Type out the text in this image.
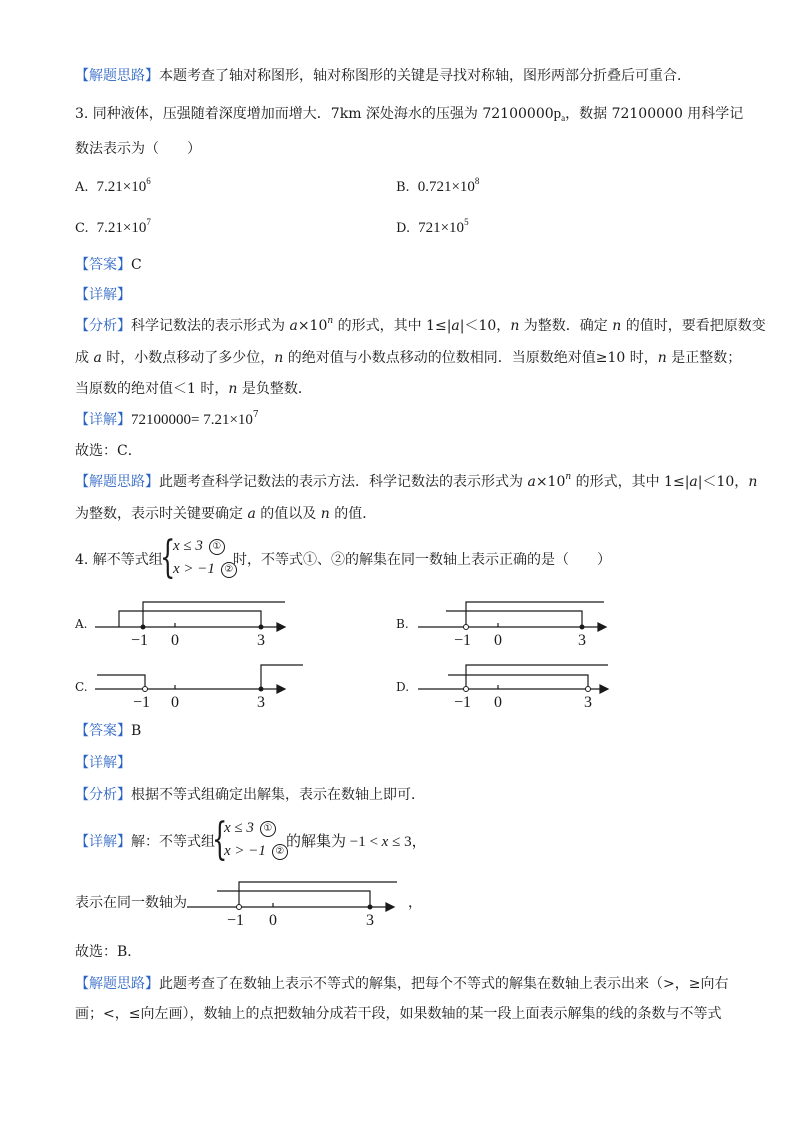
【解题思路】本题考查了轴对称图形，轴对称图形的关键是寻找对称轴，图形两部分折叠后可重合．
3. 同种液体，压强随着深度增加而增大．7km 深处海水的压强为 $72100000p_a$，数据 72100000 用科学记
数法表示为（　　）
A. $7.21\times 10^6$	B. $0.721\times 10^8$
C. $7.21\times 10^7$	D. $721\times 10^5$
【答案】C
【详解】
【分析】科学记数法的表示形式为 $a\times 10^n$ 的形式，其中 1≤|a|＜10，n 为整数．确定 n 的值时，要看把原数变
成 a 时，小数点移动了多少位，n 的绝对值与小数点移动的位数相同．当原数绝对值≥10 时，n 是正整数；
当原数的绝对值＜1 时，n 是负整数．
【详解】$72100000= 7.21\times 10^7$
故选：C．
【解题思路】此题考查科学记数法的表示方法．科学记数法的表示形式为 $a\times 10^n$ 的形式，其中 1≤|a|＜10，n
为整数，表示时关键要确定 a 的值以及 n 的值．
4. 解不等式组
{
x ≤ 3 ①
x > −1 ②
时，不等式①、②的解集在同一数轴上表示正确的是（　　）
A.
−1 0	3
B.
−1 0	3
C.
−1 0	3
D.
−1 0	3
【答案】B
【详解】
【分析】根据不等式组确定出解集，表示在数轴上即可．
【详解】解：不等式组
{
x ≤ 3 ①
x > −1 ②
的解集为 −1 < x ≤ 3，
表示在同一数轴为
−1 0	3
，
故选：B．
【解题思路】此题考查了在数轴上表示不等式的解集，把每个不等式的解集在数轴上表示出来（>，≥向右
画；<，≤向左画），数轴上的点把数轴分成若干段，如果数轴的某一段上面表示解集的线的条数与不等式
